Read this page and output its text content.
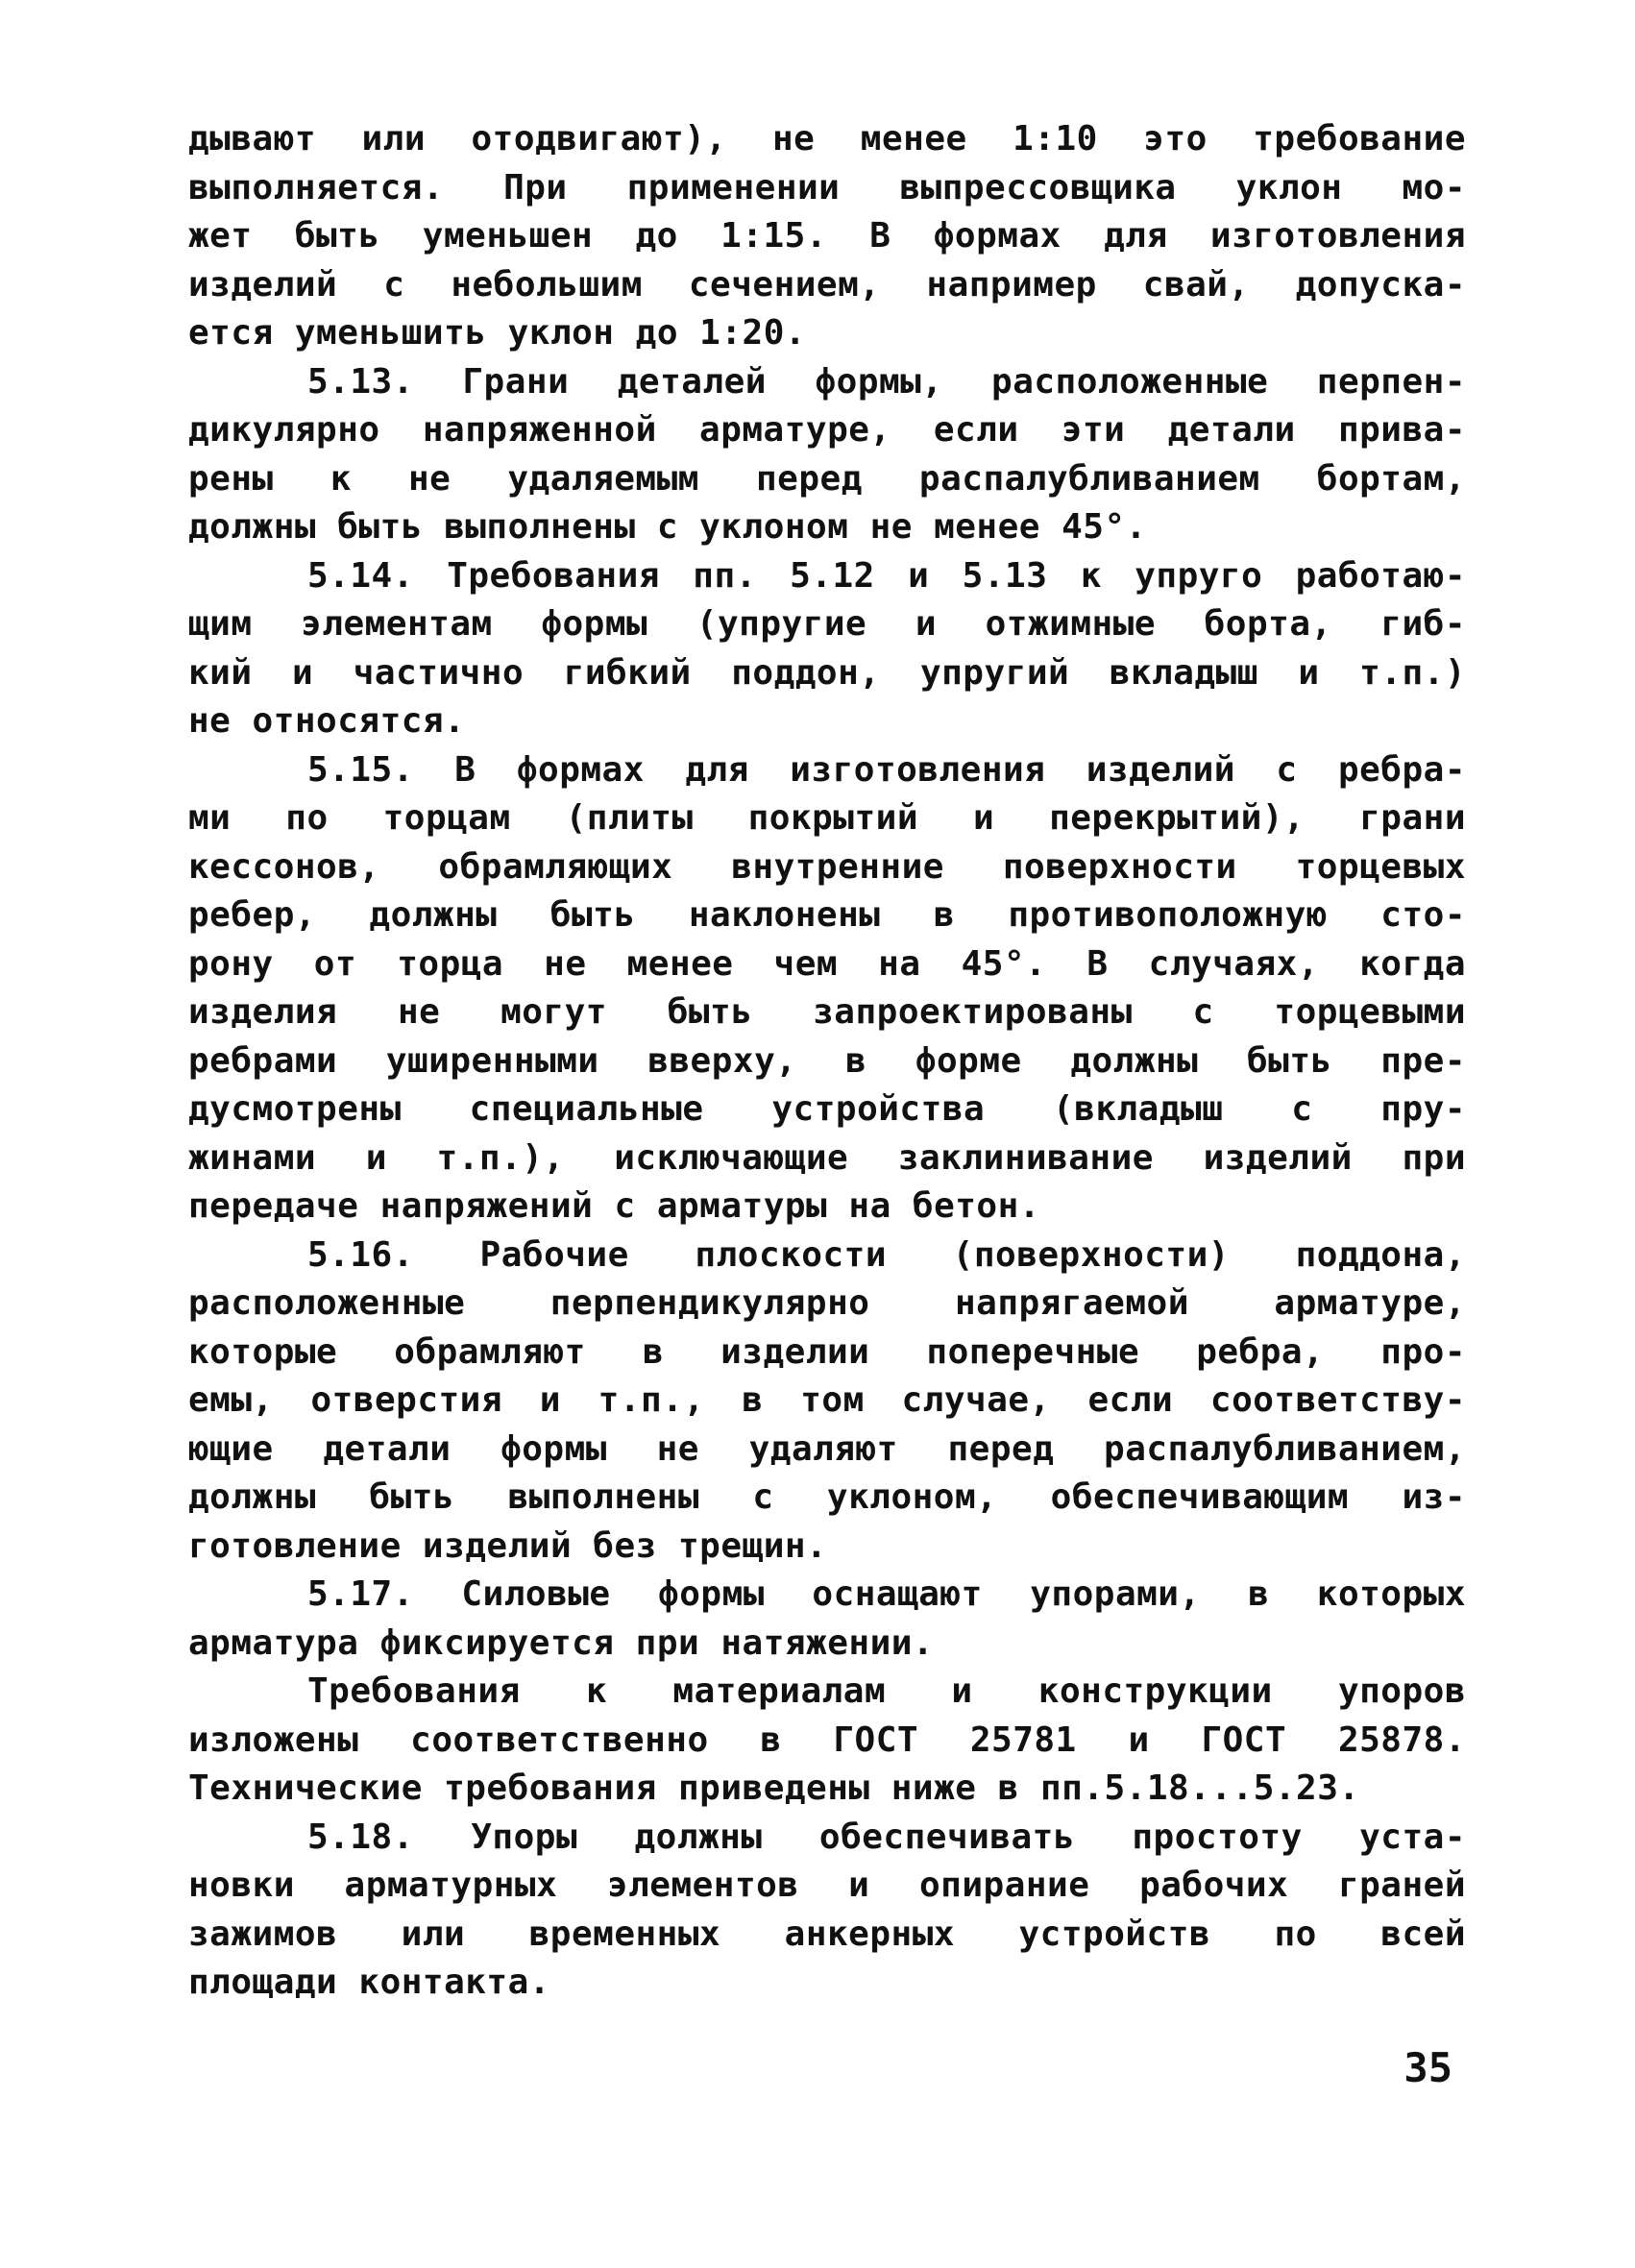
дывают или отодвигают), не менее 1:10 это требование
выполняется. При применении выпрессовщика уклон мо-
жет быть уменьшен до 1:15. В формах для изготовления
изделий с небольшим сечением, например свай, допуска-
ется уменьшить уклон до 1:20.
5.13. Грани деталей формы, расположенные перпен-
дикулярно напряженной арматуре, если эти детали прива-
рены к не удаляемым перед распалубливанием бортам,
должны быть выполнены с уклоном не менее 45°.
5.14. Требования пп. 5.12 и 5.13 к упруго работаю-
щим элементам формы (упругие и отжимные борта, гиб-
кий и частично гибкий поддон, упругий вкладыш и т.п.)
не относятся.
5.15. В формах для изготовления изделий с ребра-
ми по торцам (плиты покрытий и перекрытий), грани
кессонов, обрамляющих внутренние поверхности торцевых
ребер, должны быть наклонены в противоположную сто-
рону от торца не менее чем на 45°. В случаях, когда
изделия не могут быть запроектированы с торцевыми
ребрами уширенными вверху, в форме должны быть пре-
дусмотрены специальные устройства (вкладыш с пру-
жинами и т.п.), исключающие заклинивание изделий при
передаче напряжений с арматуры на бетон.
5.16. Рабочие плоскости (поверхности) поддона,
расположенные перпендикулярно напрягаемой арматуре,
которые обрамляют в изделии поперечные ребра, про-
емы, отверстия и т.п., в том случае, если соответству-
ющие детали формы не удаляют перед распалубливанием,
должны быть выполнены с уклоном, обеспечивающим из-
готовление изделий без трещин.
5.17. Силовые формы оснащают упорами, в которых
арматура фиксируется при натяжении.
Требования к материалам и конструкции упоров
изложены соответственно в ГОСТ 25781 и ГОСТ 25878.
Технические требования приведены ниже в пп.5.18...5.23.
5.18. Упоры должны обеспечивать простоту уста-
новки арматурных элементов и опирание рабочих граней
зажимов или временных анкерных устройств по всей
площади контакта.
35
